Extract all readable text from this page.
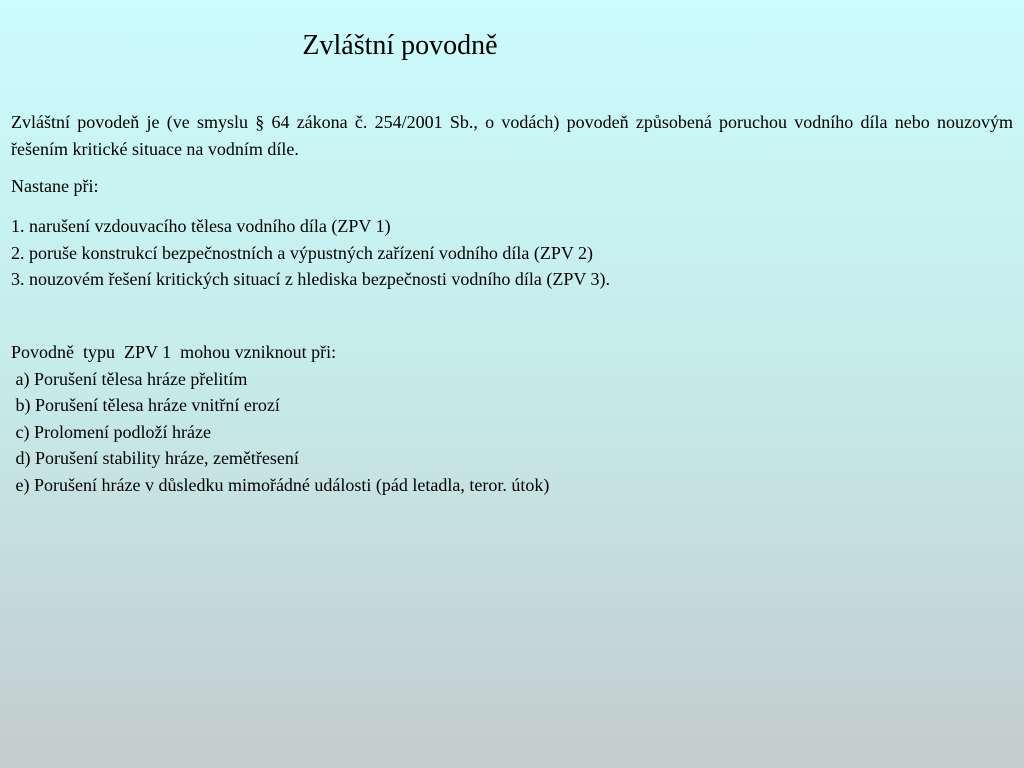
Zvláštní povodně

Zvláštní povodeň je (ve smyslu § 64 zákona č. 254/2001 Sb., o vodách) povodeň způsobená poruchou vodního díla nebo nouzovým řešením kritické situace na vodním díle.

Nastane při:

1. narušení vzdouvacího tělesa vodního díla (ZPV 1)
2. poruše konstrukcí bezpečnostních a výpustných zařízení vodního díla (ZPV 2)
3. nouzovém řešení kritických situací z hlediska bezpečnosti vodního díla (ZPV 3).
Povodně  typu  ZPV 1  mohou vzniknout při:
a) Porušení tělesa hráze přelitím
b) Porušení tělesa hráze vnitřní erozí
c) Prolomení podloží hráze
d) Porušení stability hráze, zemětřesení
e) Porušení hráze v důsledku mimořádné události (pád letadla, teror. útok)
